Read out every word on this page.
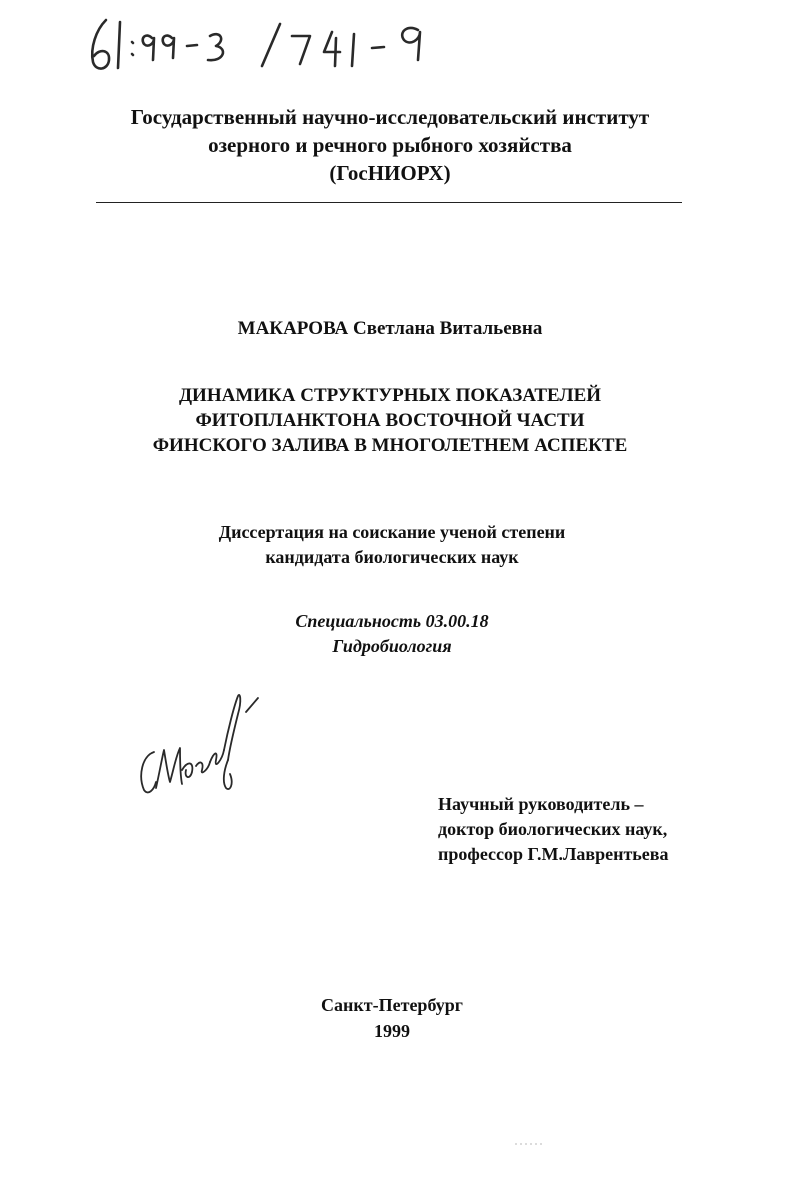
Государственный научно-исследовательский институт
озерного и речного рыбного хозяйства
(ГосНИОРХ)
МАКАРОВА Светлана Витальевна
ДИНАМИКА СТРУКТУРНЫХ ПОКАЗАТЕЛЕЙ
ФИТОПЛАНКТОНА ВОСТОЧНОЙ ЧАСТИ
ФИНСКОГО ЗАЛИВА В МНОГОЛЕТНЕМ АСПЕКТЕ
Диссертация на соискание ученой степени
кандидата биологических наук
Специальность 03.00.18
Гидробиология
Научный руководитель –
доктор биологических наук,
профессор Г.М.Лаврентьева
Санкт-Петербург
1999
